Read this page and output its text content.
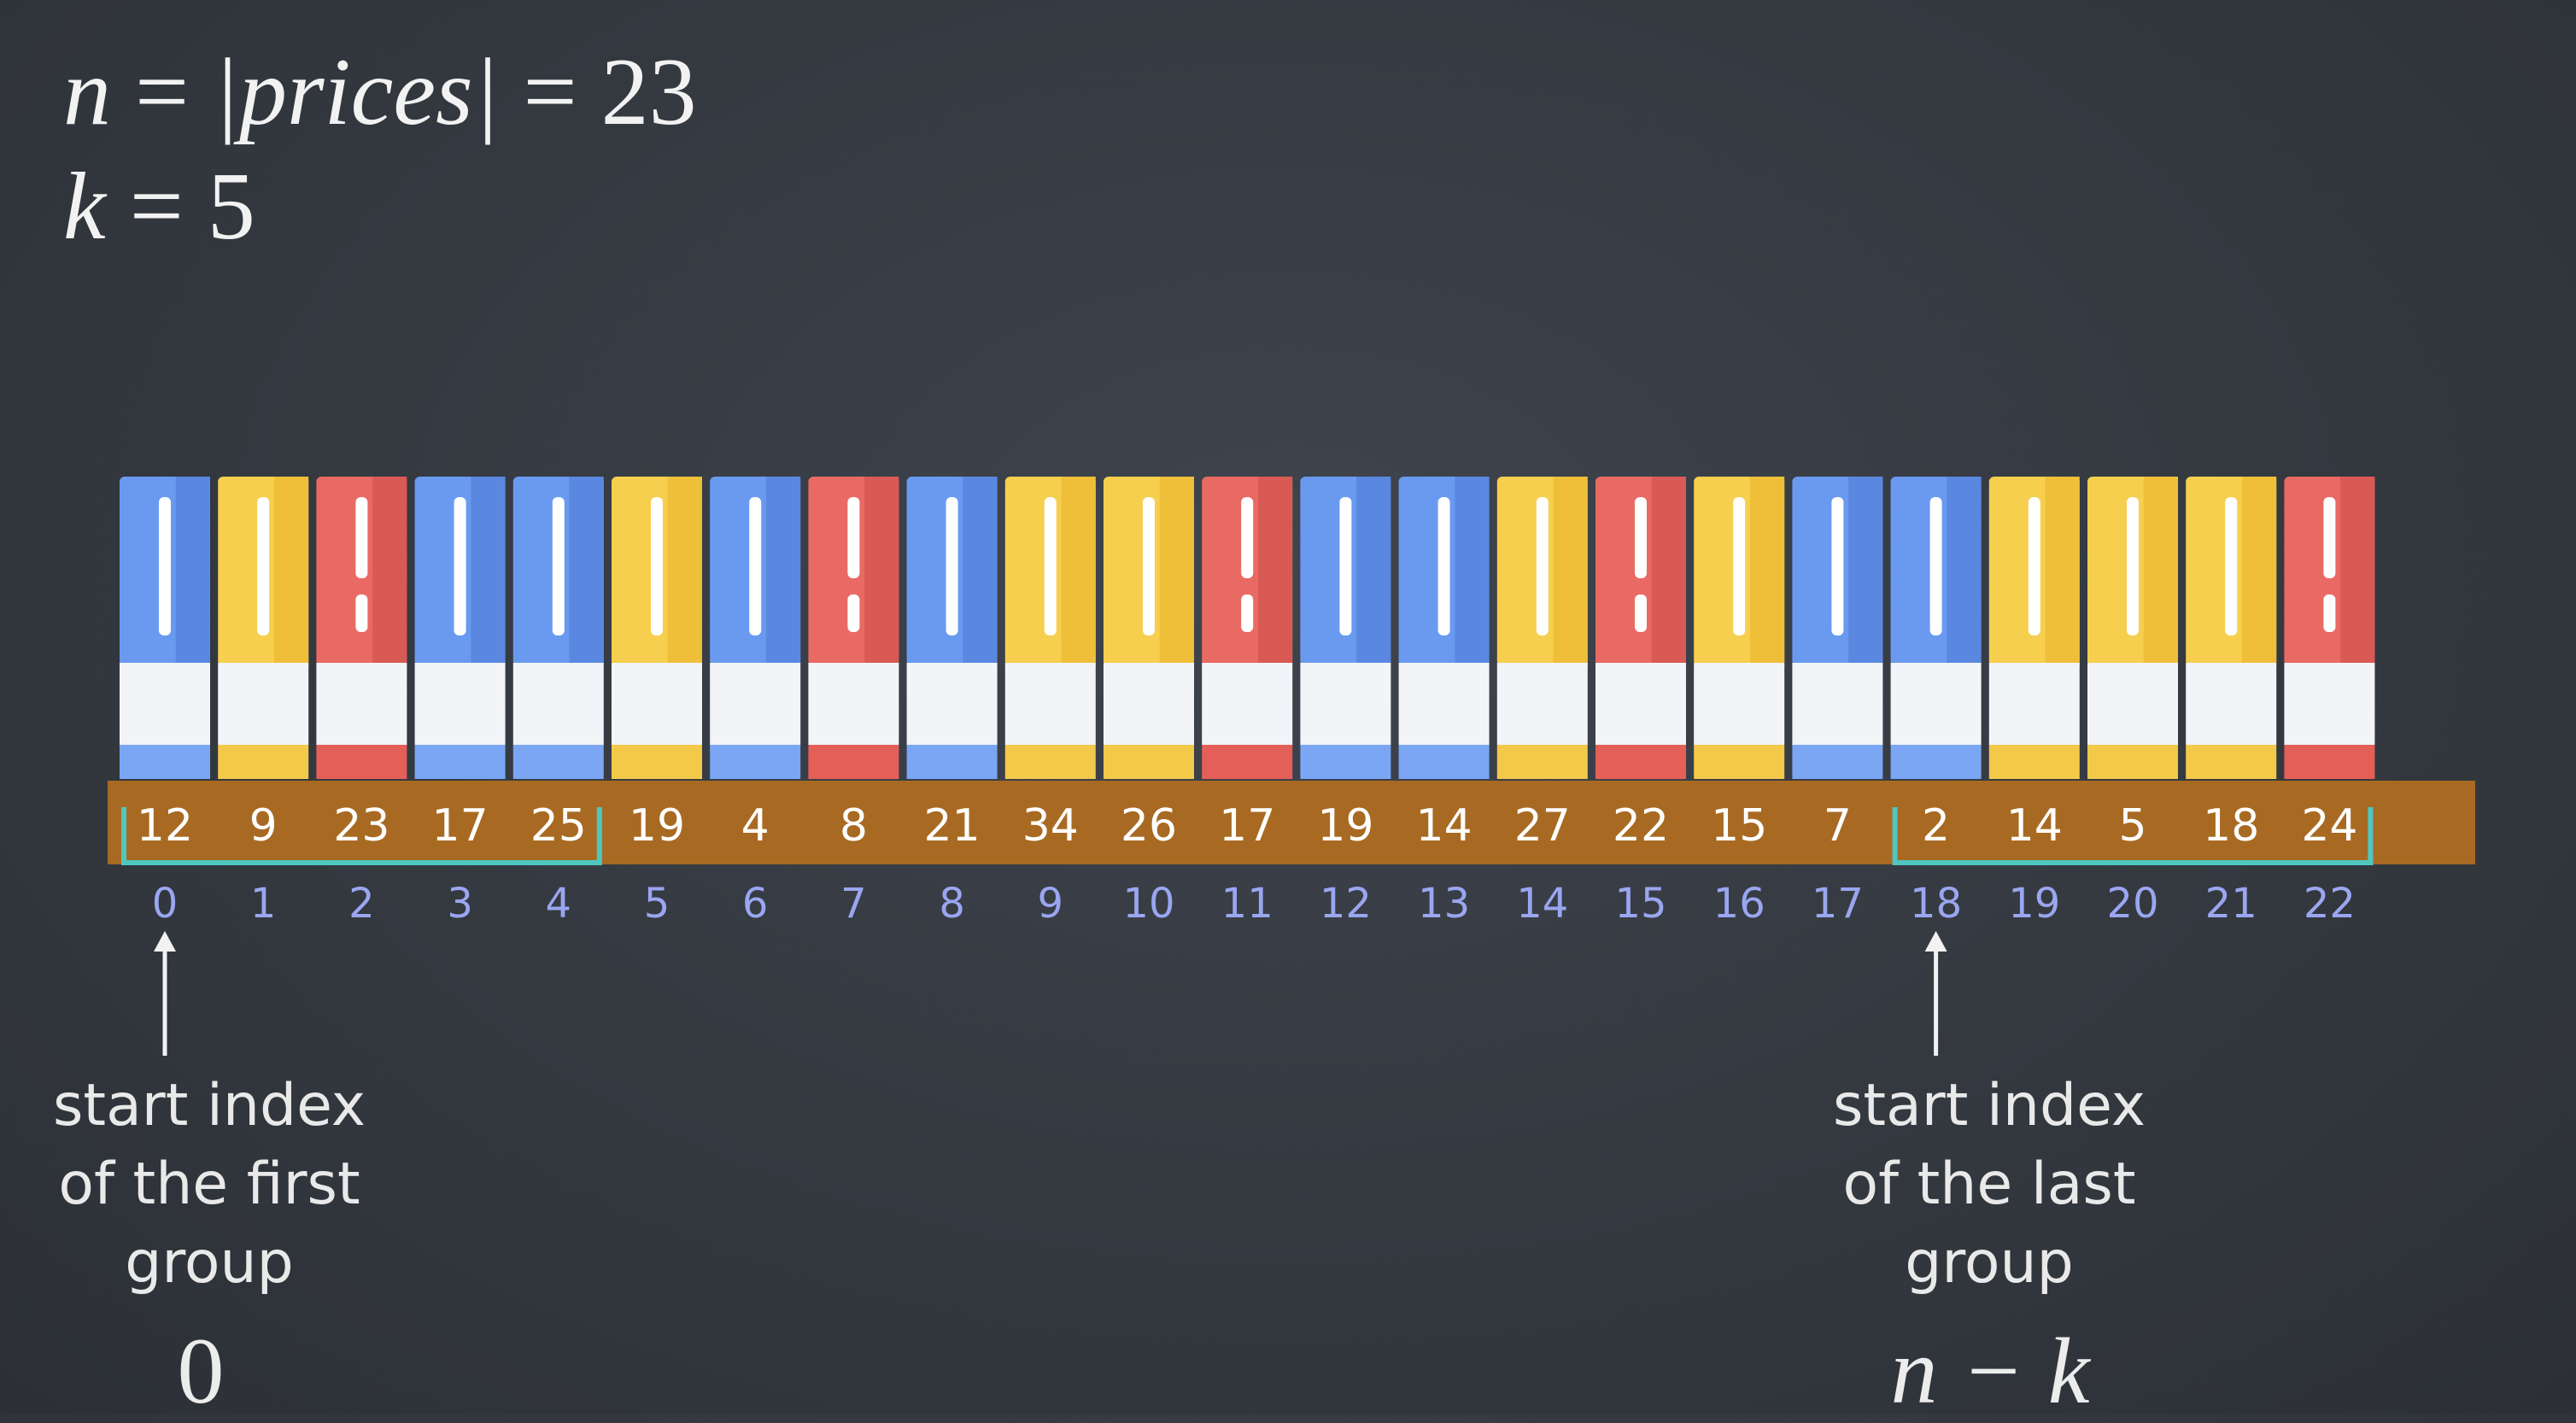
n = |prices| = 23
k = 5
12 9 23 17 25 19 4 8 21 34 26 17 19 14 27 22 15 7 2 14 5 18 24
0 1 2 3 4 5 6 7 8 9 10 11 12 13 14 15 16 17 18 19 20 21 22
start index
of the first
group
0
start index
of the last
group
n − k
